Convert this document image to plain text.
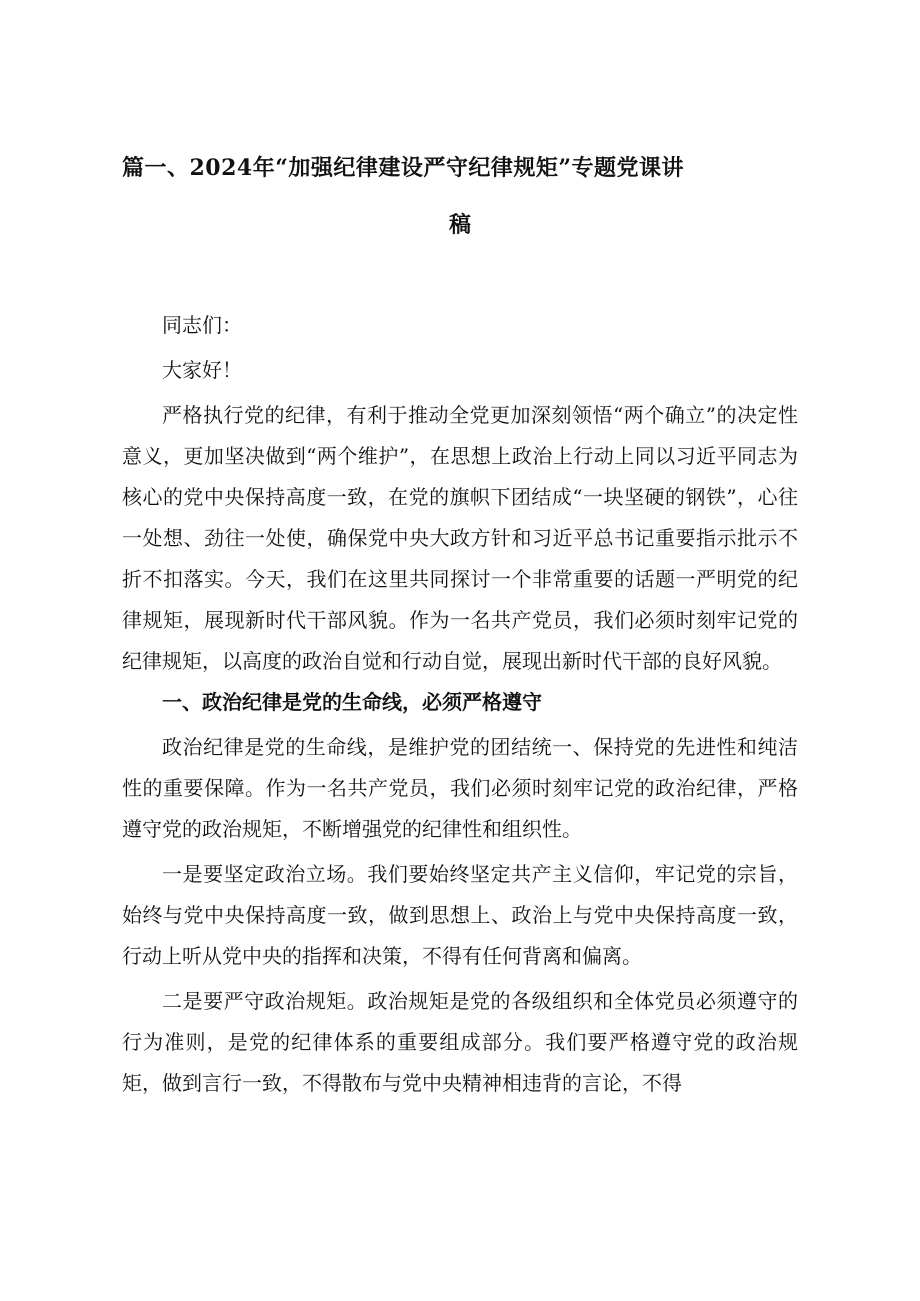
篇一、2024年“加强纪律建设严守纪律规矩”专题党课讲
稿

同志们：

大家好！

严格执行党的纪律，有利于推动全党更加深刻领悟“两个确立”的决定性意义，更加坚决做到“两个维护”，在思想上政治上行动上同以习近平同志为核心的党中央保持高度一致，在党的旗帜下团结成“一块坚硬的钢铁”，心往一处想、劲往一处使，确保党中央大政方针和习近平总书记重要指示批示不折不扣落实。今天，我们在这里共同探讨一个非常重要的话题一严明党的纪律规矩，展现新时代干部风貌。作为一名共产党员，我们必须时刻牢记党的纪律规矩，以高度的政治自觉和行动自觉，展现出新时代干部的良好风貌。

一、政治纪律是党的生命线，必须严格遵守

政治纪律是党的生命线，是维护党的团结统一、保持党的先进性和纯洁性的重要保障。作为一名共产党员，我们必须时刻牢记党的政治纪律，严格遵守党的政治规矩，不断增强党的纪律性和组织性。

一是要坚定政治立场。我们要始终坚定共产主义信仰，牢记党的宗旨，始终与党中央保持高度一致，做到思想上、政治上与党中央保持高度一致，行动上听从党中央的指挥和决策，不得有任何背离和偏离。

二是要严守政治规矩。政治规矩是党的各级组织和全体党员必须遵守的行为准则，是党的纪律体系的重要组成部分。我们要严格遵守党的政治规矩，做到言行一致，不得散布与党中央精神相违背的言论，不得
